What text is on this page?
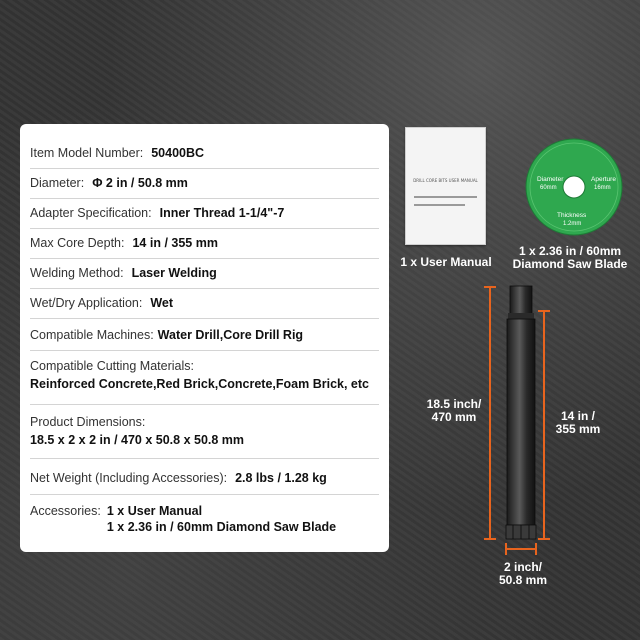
Item Model Number: 50400BC
Diameter: Φ 2 in / 50.8 mm
Adapter Specification: Inner Thread 1-1/4"-7
Max Core Depth: 14 in / 355 mm
Welding Method: Laser Welding
Wet/Dry Application: Wet
Compatible Machines: Water Drill,Core Drill Rig
Compatible Cutting Materials:
Reinforced Concrete,Red Brick,Concrete,Foam Brick, etc
Product Dimensions:
18.5 x 2 x 2 in / 470 x 50.8 x 50.8 mm
Net Weight (Including Accessories): 2.8 lbs / 1.28 kg
Accessories: 1 x User Manual
1 x 2.36 in / 60mm Diamond Saw Blade
DRILL CORE BITS USER MANUAL
1 x User Manual
Diameter
60mm
Aperture
16mm
Thickness
1.2mm
1 x 2.36 in / 60mm
Diamond Saw Blade
18.5 inch/
470 mm	14 in /
355 mm
2 inch/
50.8 mm
